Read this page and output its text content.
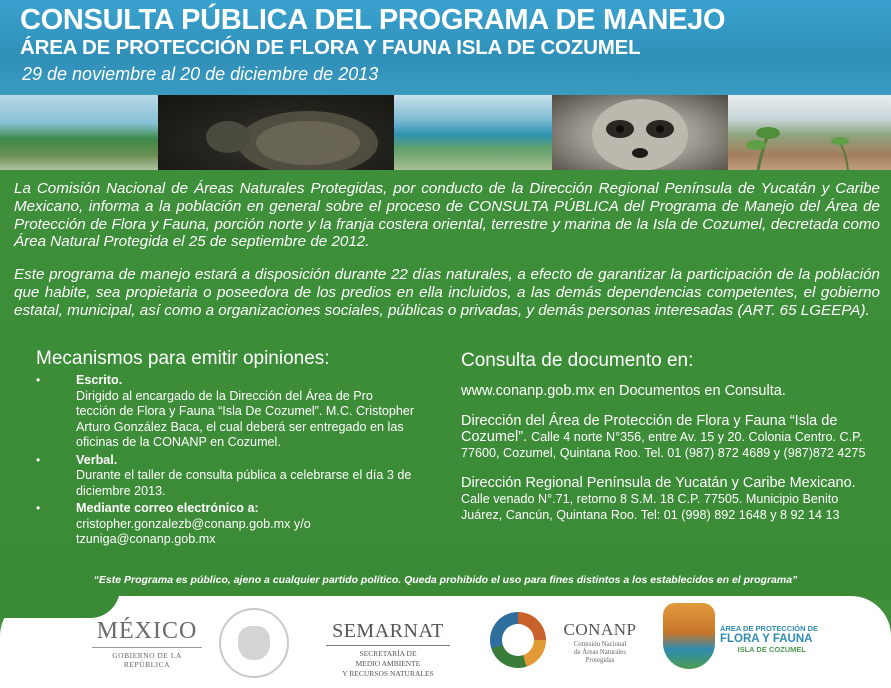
CONSULTA PÚBLICA DEL PROGRAMA DE MANEJO
ÁREA DE PROTECCIÓN DE FLORA Y FAUNA ISLA DE COZUMEL
29 de noviembre al 20 de diciembre de 2013

La Comisión Nacional de Áreas Naturales Protegidas, por conducto de la Dirección Regional Península de Yucatán y Caribe Mexicano, informa a la población en general sobre el proceso de CONSULTA PÚBLICA del Programa de Manejo del Área de Protección de Flora y Fauna, porción norte y la franja costera oriental, terrestre y marina de la Isla de Cozumel, decretada como Área Natural Protegida el 25 de septiembre de 2012.

Este programa de manejo estará a disposición durante 22 días naturales, a efecto de garantizar la participación de la población que habite, sea propietaria o poseedora de los predios en ella incluidos, a las demás dependencias competentes, el gobierno estatal, municipal, así como a organizaciones sociales, públicas o privadas, y demás personas interesadas (ART. 65 LGEEPA).

Mecanismos para emitir opiniones:
•	Escrito.
Dirigido al encargado de la Dirección del Área de Pro tección de Flora y Fauna “Isla De Cozumel”. M.C. Cristopher Arturo González Baca, el cual deberá ser entregado en las oficinas de la CONANP en Cozumel.
•	Verbal.
Durante el taller de consulta pública a celebrarse el día 3 de diciembre 2013.
•	Mediante correo electrónico a:
cristopher.gonzalezb@conanp.gob.mx y/o tzuniga@conanp.gob.mx
Consulta de documento en:
www.conanp.gob.mx en Documentos en Consulta.
Dirección del Área de Protección de Flora y Fauna “Isla de Cozumel”. Calle 4 norte N°356, entre Av. 15 y 20. Colonia Centro. C.P. 77600, Cozumel, Quintana Roo. Tel. 01 (987) 872 4689 y (987)872 4275
Dirección Regional Península de Yucatán y Caribe Mexicano. Calle venado N°.71, retorno 8 S.M. 18 C.P. 77505. Municipio Benito Juárez, Cancún, Quintana Roo. Tel: 01 (998) 892 1648 y 8 92 14 13
“Este Programa es público, ajeno a cualquier partido político. Queda prohibido el uso para fines distintos a los establecidos en el programa”
MÉXICO
GOBIERNO DE LA REPÚBLICA
SEMARNAT
SECRETARÍA DE
MEDIO AMBIENTE
Y RECURSOS NATURALES
CONANP
Comisión Nacional
de Áreas Naturales
Protegidas
ÁREA DE PROTECCIÓN DE
FLORA Y FAUNA
ISLA DE COZUMEL
